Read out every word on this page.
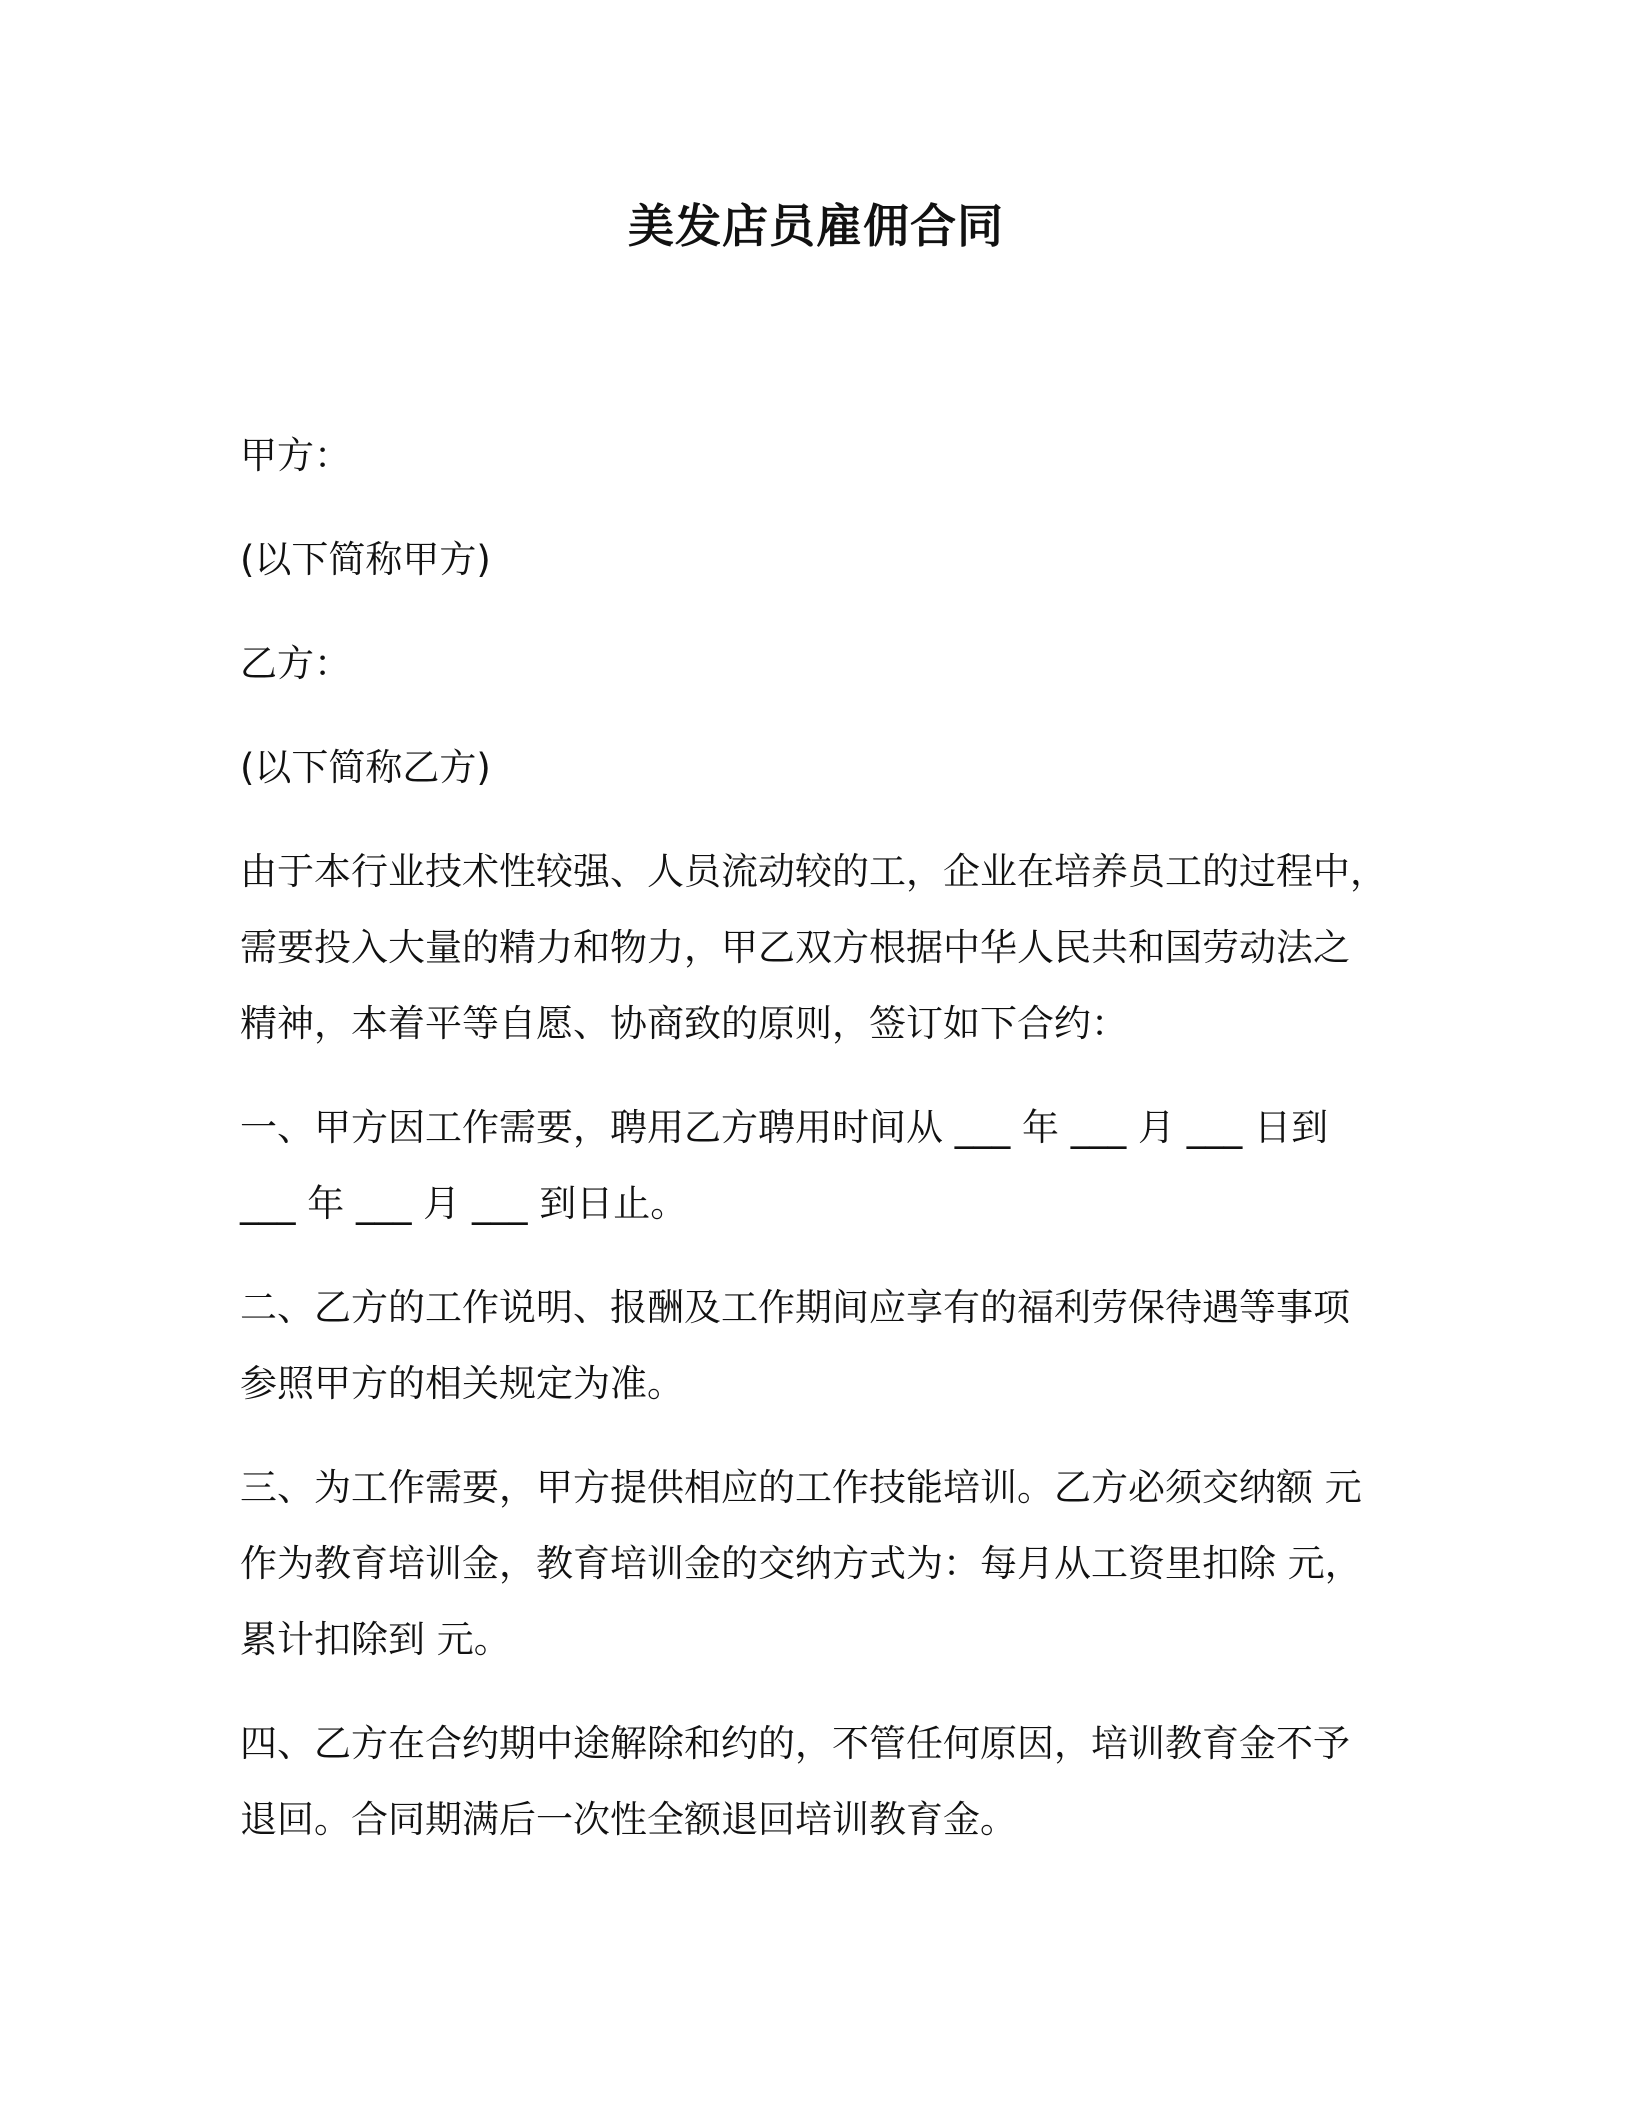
美发店员雇佣合同

甲方：

(以下简称甲方)

乙方：

(以下简称乙方)

由于本行业技术性较强、人员流动较的工，企业在培养员工的过程中，
需要投入大量的精力和物力，甲乙双方根据中华人民共和国劳动法之
精神，本着平等自愿、协商致的原则，签订如下合约：

一、甲方因工作需要，聘用乙方聘用时间从 ___ 年 ___ 月 ___ 日到
___ 年 ___ 月 ___ 到日止。

二、乙方的工作说明、报酬及工作期间应享有的福利劳保待遇等事项
参照甲方的相关规定为准。

三、为工作需要，甲方提供相应的工作技能培训。乙方必须交纳额 元
作为教育培训金，教育培训金的交纳方式为：每月从工资里扣除 元，
累计扣除到 元。

四、乙方在合约期中途解除和约的，不管任何原因，培训教育金不予
退回。合同期满后一次性全额退回培训教育金。
